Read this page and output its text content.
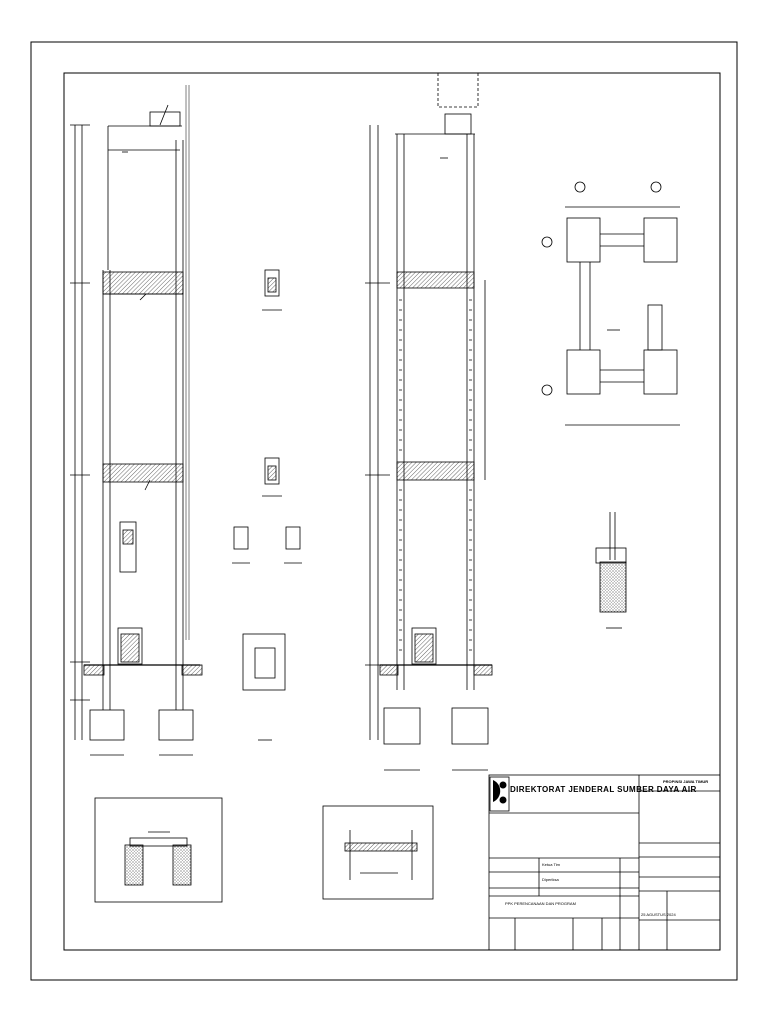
DIREKTORAT JENDERAL SUMBER DAYA AIR
PROPINSI JAWA TIMUR
Ketua Tim
Diperiksa
PPK PERENCANAAN DAN PROGRAM
25 AGUSTUS 2024
